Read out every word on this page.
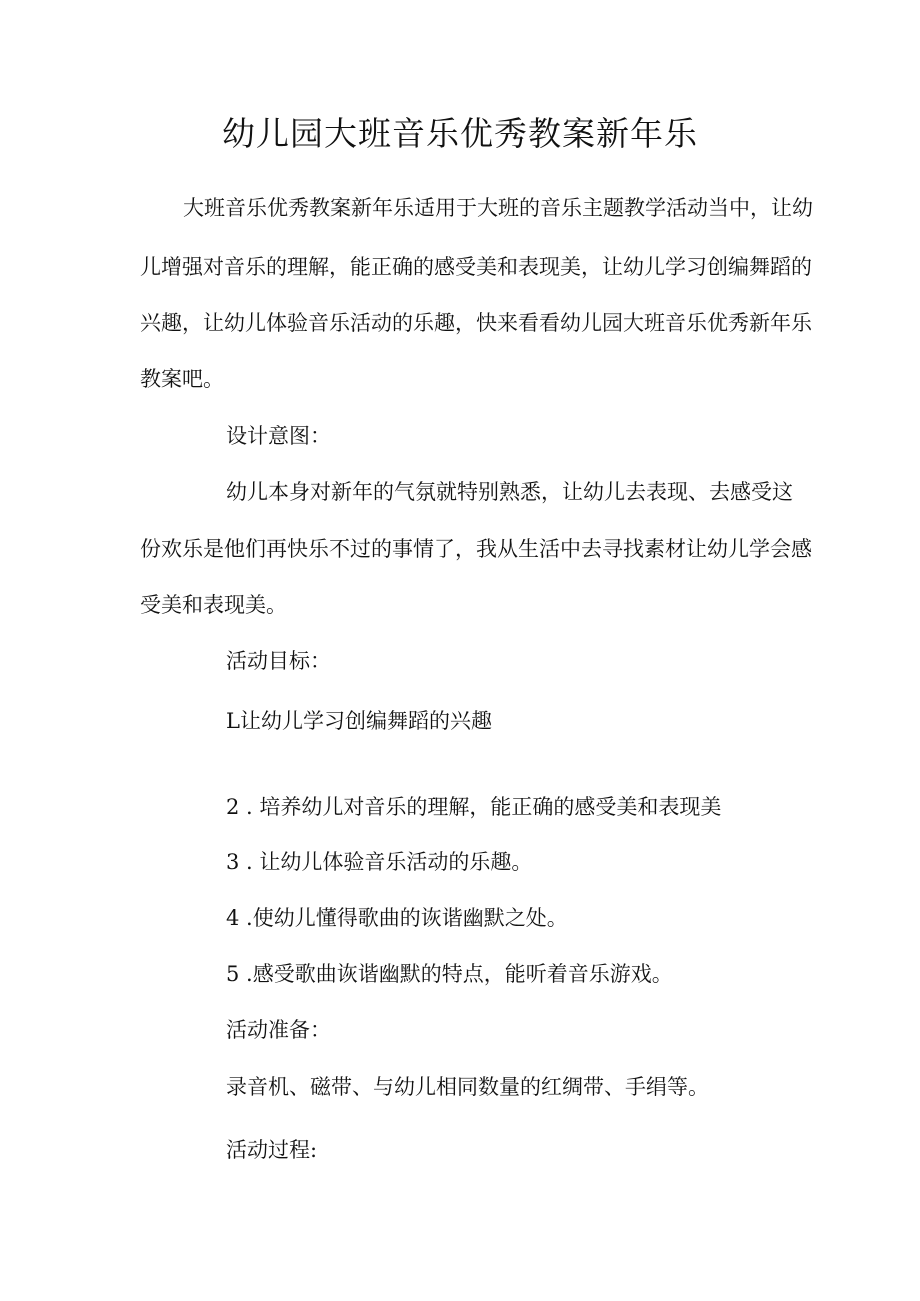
幼儿园大班音乐优秀教案新年乐

大班音乐优秀教案新年乐适用于大班的音乐主题教学活动当中，让幼

儿增强对音乐的理解，能正确的感受美和表现美，让幼儿学习创编舞蹈的

兴趣，让幼儿体验音乐活动的乐趣，快来看看幼儿园大班音乐优秀新年乐

教案吧。

设计意图：

幼儿本身对新年的气氛就特别熟悉，让幼儿去表现、去感受这

份欢乐是他们再快乐不过的事情了，我从生活中去寻找素材让幼儿学会感

受美和表现美。

活动目标：

L让幼儿学习创编舞蹈的兴趣

2 . 培养幼儿对音乐的理解，能正确的感受美和表现美

3 . 让幼儿体验音乐活动的乐趣。

4 .使幼儿懂得歌曲的诙谐幽默之处。

5 .感受歌曲诙谐幽默的特点，能听着音乐游戏。

活动准备：

录音机、磁带、与幼儿相同数量的红绸带、手绢等。

活动过程:
